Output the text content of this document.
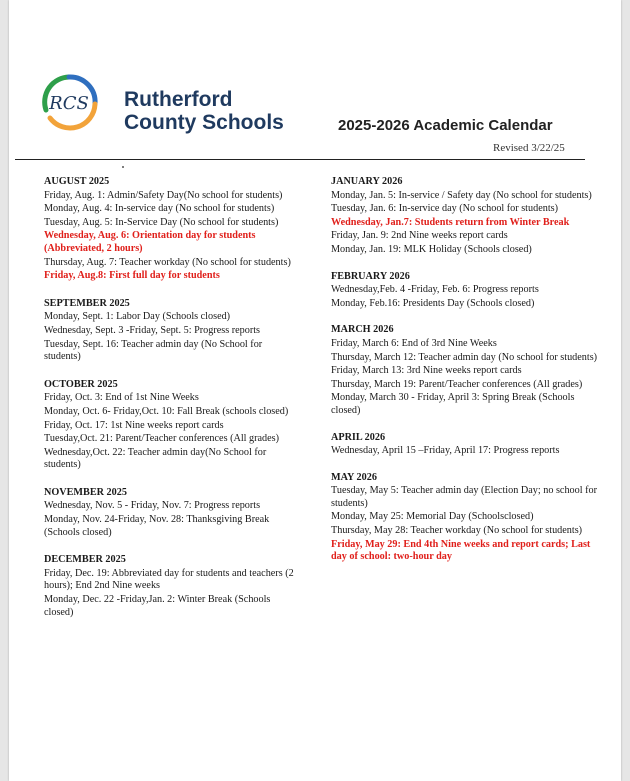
RCS Rutherford
County Schools	2025-2026 Academic Calendar
Revised 3/22/25
AUGUST 2025
Friday, Aug. 1: Admin/Safety Day(No school for students)
Monday, Aug. 4: In-service day (No school for students)
Tuesday, Aug. 5: In-Service Day (No school for students)
Wednesday, Aug. 6: Orientation day for students (Abbreviated, 2 hours)
Thursday, Aug. 7: Teacher workday (No school for students)
Friday, Aug.8: First full day for students
SEPTEMBER 2025
Monday, Sept. 1: Labor Day (Schools closed)
Wednesday, Sept. 3 -Friday, Sept. 5: Progress reports
Tuesday, Sept. 16: Teacher admin day (No School for students)
OCTOBER 2025
Friday, Oct. 3: End of 1st Nine Weeks
Monday, Oct. 6- Friday,Oct. 10: Fall Break (schools closed)
Friday, Oct. 17: 1st Nine weeks report cards
Tuesday,Oct. 21: Parent/Teacher conferences (All grades)
Wednesday,Oct. 22: Teacher admin day(No School for students)
NOVEMBER 2025
Wednesday, Nov. 5 - Friday, Nov. 7: Progress reports
Monday, Nov. 24-Friday, Nov. 28: Thanksgiving Break (Schools closed)
DECEMBER 2025
Friday, Dec. 19: Abbreviated day for students and teachers (2 hours); End 2nd Nine weeks
Monday, Dec. 22 -Friday,Jan. 2: Winter Break (Schools closed)
JANUARY 2026
Monday, Jan. 5: In-service / Safety day (No school for students)
Tuesday, Jan. 6: In-service day (No school for students)
Wednesday, Jan.7: Students return from Winter Break
Friday, Jan. 9: 2nd Nine weeks report cards
Monday, Jan. 19: MLK Holiday (Schools closed)
FEBRUARY 2026
Wednesday,Feb. 4 -Friday, Feb. 6: Progress reports
Monday, Feb.16: Presidents Day (Schools closed)
MARCH 2026
Friday, March 6: End of 3rd Nine Weeks
Thursday, March 12: Teacher admin day (No school for students)
Friday, March 13: 3rd Nine weeks report cards
Thursday, March 19: Parent/Teacher conferences (All grades)
Monday, March 30 - Friday, April 3: Spring Break (Schools closed)
APRIL 2026
Wednesday, April 15 –Friday, April 17: Progress reports
MAY 2026
Tuesday, May 5: Teacher admin day (Election Day; no school for students)
Monday, May 25: Memorial Day (Schoolsclosed)
Thursday, May 28: Teacher workday (No school for students)
Friday, May 29: End 4th Nine weeks and report cards; Last day of school: two-hour day
